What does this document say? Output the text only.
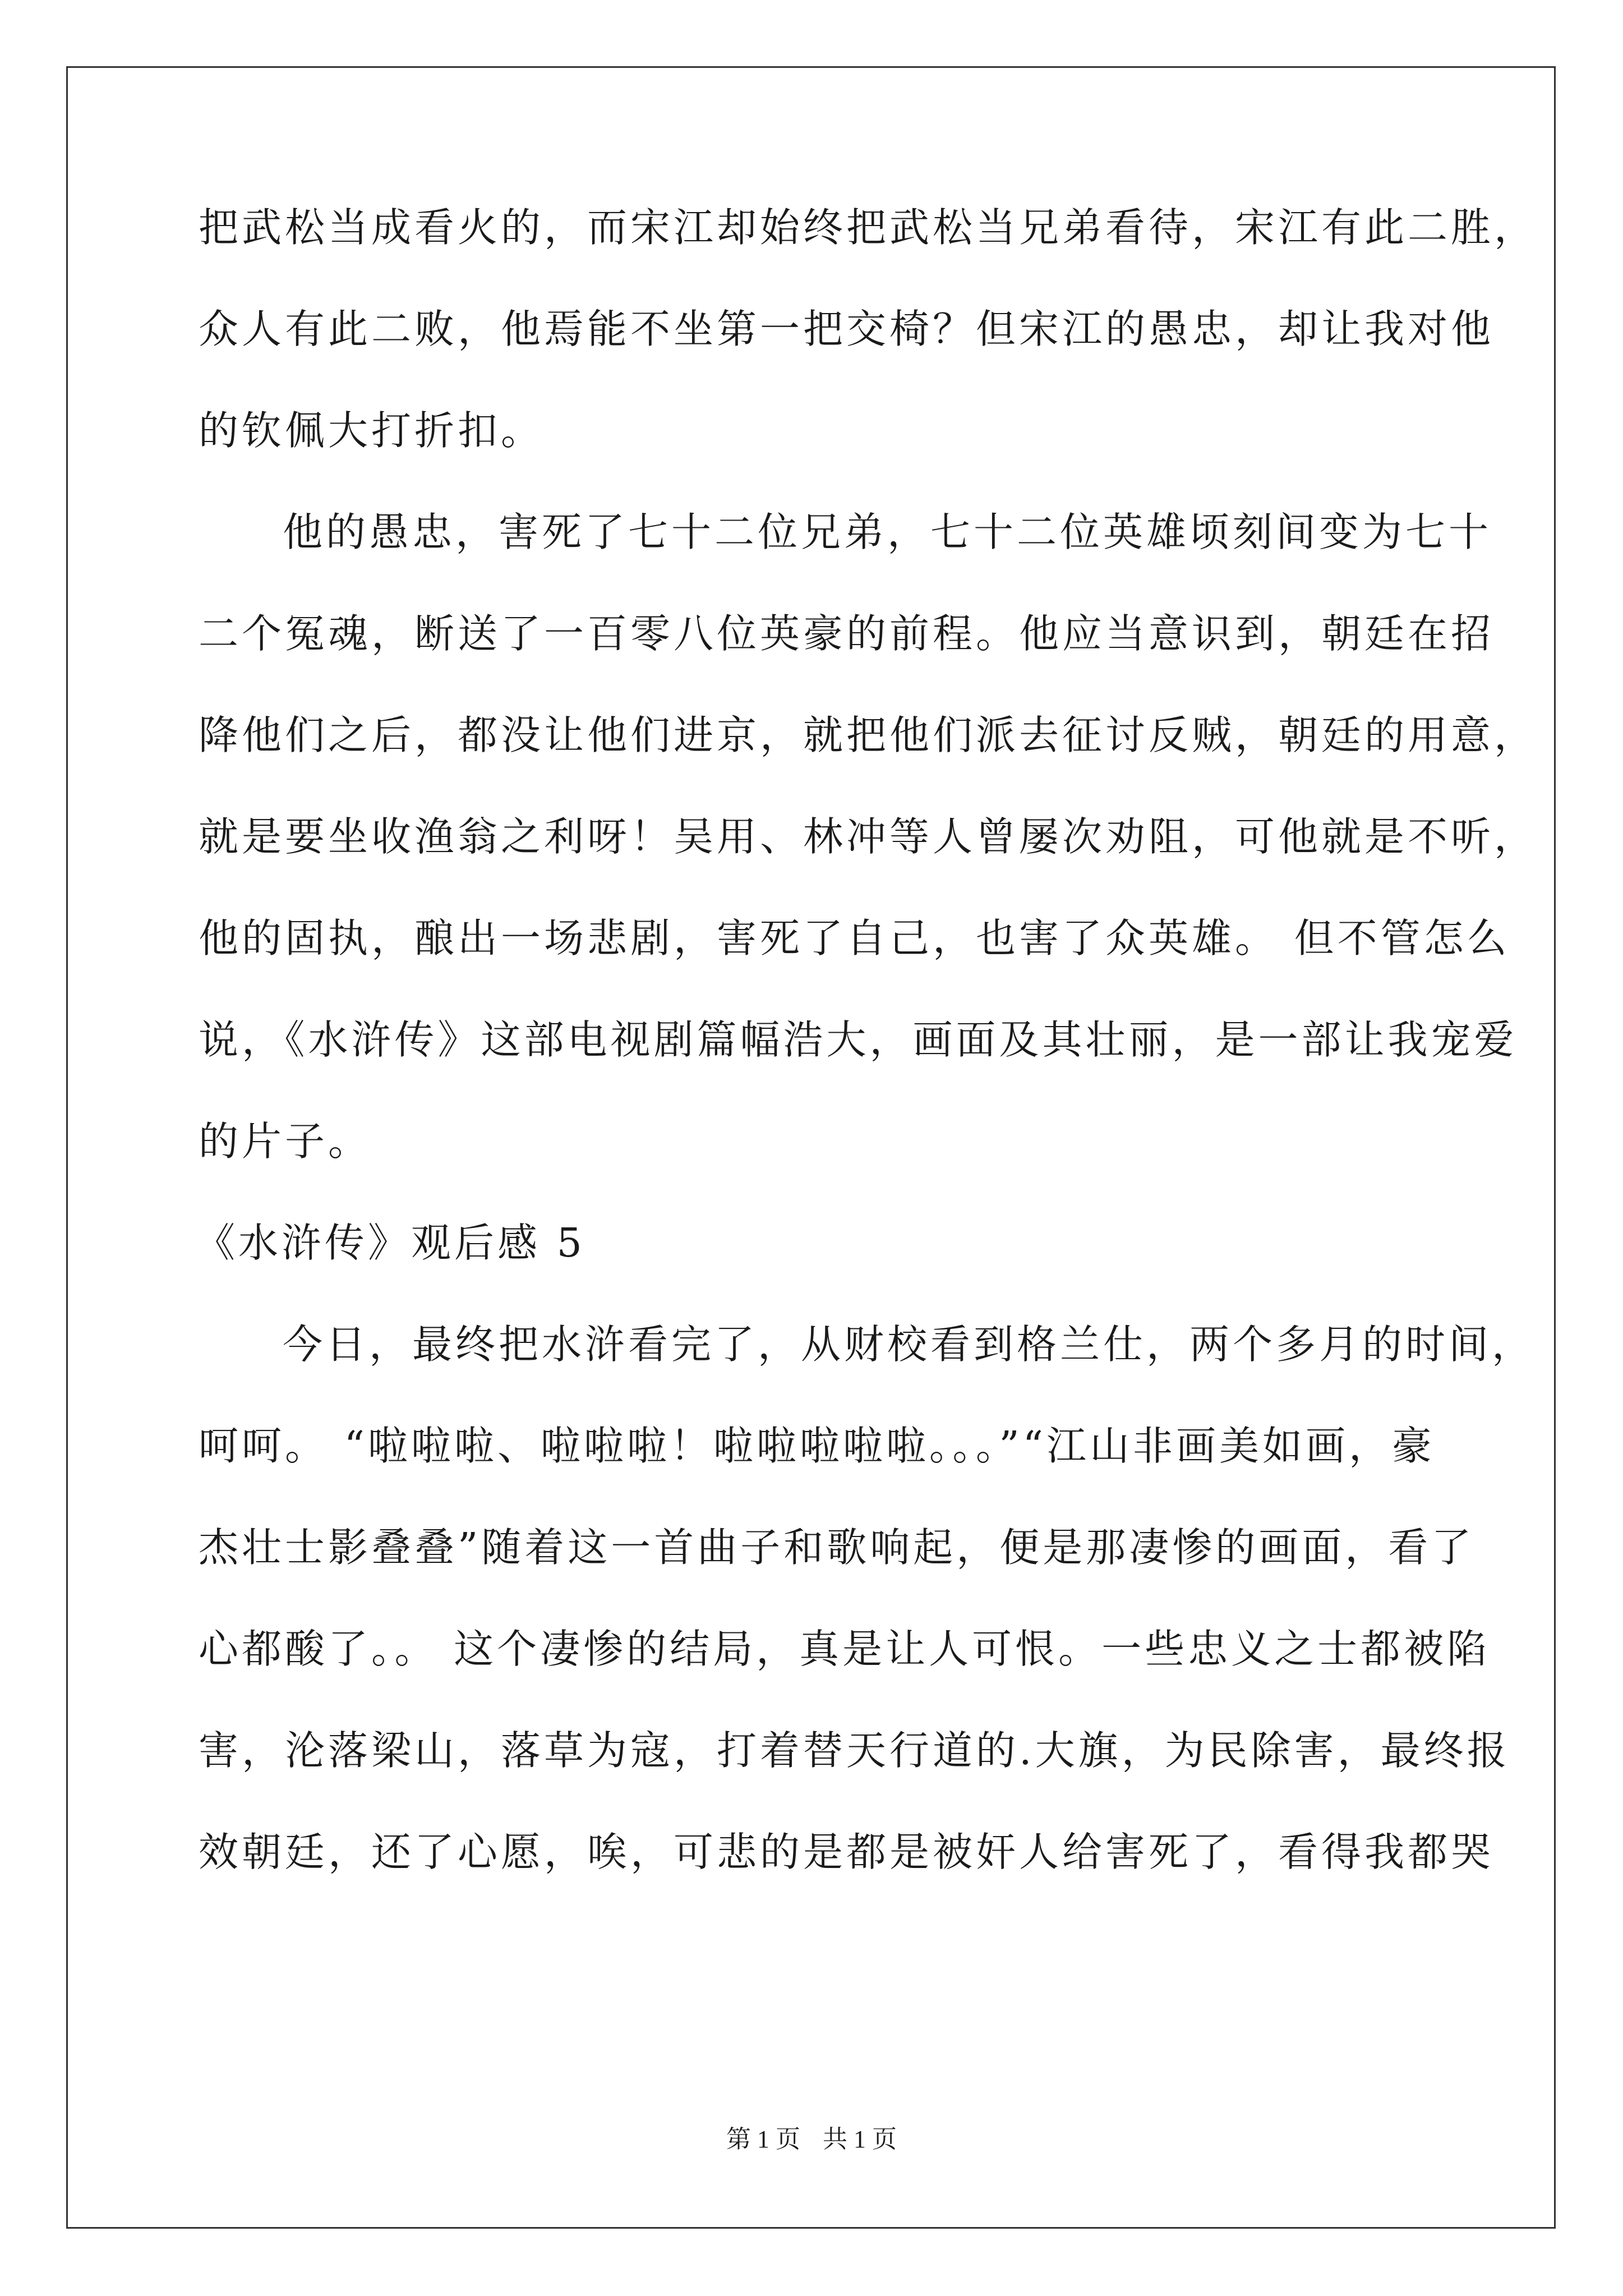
把武松当成看火的，而宋江却始终把武松当兄弟看待，宋江有此二胜，
众人有此二败，他焉能不坐第一把交椅？但宋江的愚忠，却让我对他
的钦佩大打折扣。
他的愚忠，害死了七十二位兄弟，七十二位英雄顷刻间变为七十
二个冤魂，断送了一百零八位英豪的前程。他应当意识到，朝廷在招
降他们之后，都没让他们进京，就把他们派去征讨反贼，朝廷的用意，
就是要坐收渔翁之利呀！吴用、林冲等人曾屡次劝阻，可他就是不听，
他的固执，酿出一场悲剧，害死了自己，也害了众英雄。 但不管怎么
说，《水浒传》这部电视剧篇幅浩大，画面及其壮丽，是一部让我宠爱
的片子。
《水浒传》观后感 5
今日，最终把水浒看完了，从财校看到格兰仕，两个多月的时间，
呵呵。 “啦啦啦、啦啦啦！啦啦啦啦啦。。。”“江山非画美如画，豪
杰壮士影叠叠”随着这一首曲子和歌响起，便是那凄惨的画面，看了
心都酸了。。 这个凄惨的结局，真是让人可恨。一些忠义之士都被陷
害，沦落梁山，落草为寇，打着替天行道的.大旗，为民除害，最终报
效朝廷，还了心愿，唉，可悲的是都是被奸人给害死了，看得我都哭
第 1 页 共 1 页
